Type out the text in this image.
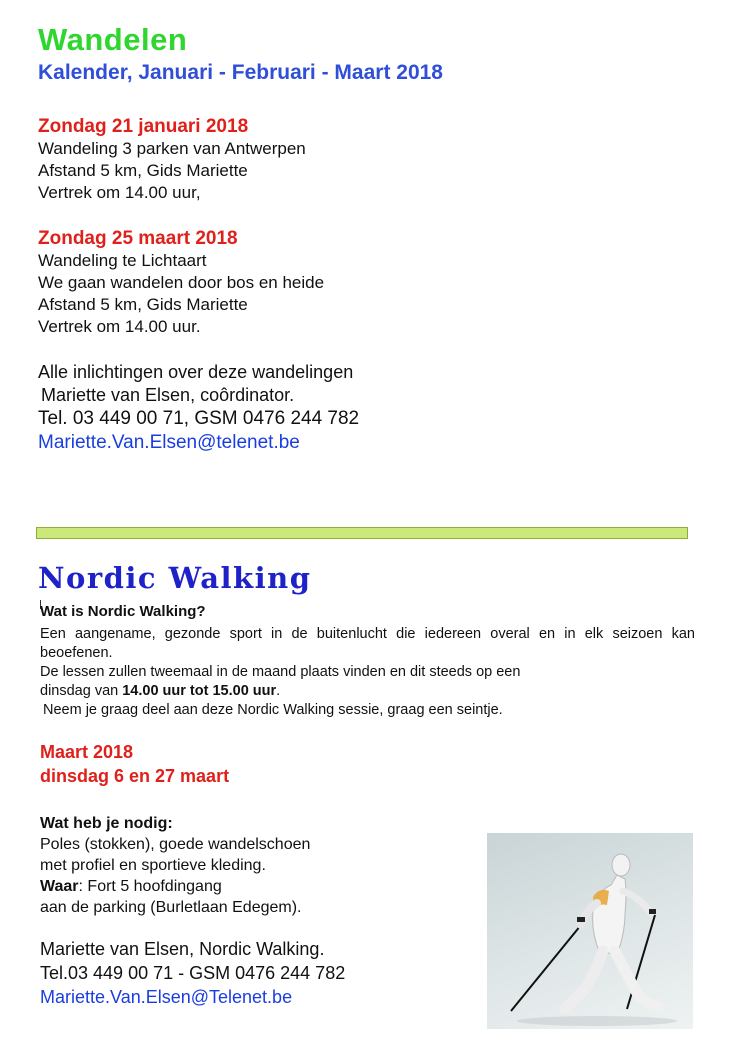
Wandelen
Kalender, Januari - Februari - Maart 2018
Zondag 21 januari 2018
Wandeling 3 parken van Antwerpen
Afstand 5 km, Gids Mariette
Vertrek om 14.00 uur,
Zondag 25 maart 2018
Wandeling te Lichtaart
We gaan wandelen door bos en heide
Afstand 5 km, Gids Mariette
Vertrek om 14.00 uur.
Alle inlichtingen over deze wandelingen
Mariette van Elsen, coôrdinator.
Tel. 03 449 00 71, GSM 0476 244 782
Mariette.Van.Elsen@telenet.be
Nordic Walking
Wat is Nordic Walking?
Een aangename, gezonde sport in de buitenlucht die iedereen overal en in elk seizoen kan
beoefenen.
De lessen zullen tweemaal in de maand plaats vinden en dit steeds op een
dinsdag van 14.00 uur tot 15.00 uur.
Neem je graag deel aan deze Nordic Walking sessie, graag een seintje.
Maart 2018
dinsdag 6 en 27 maart
Wat heb je nodig:
Poles (stokken), goede wandelschoen
met profiel en sportieve kleding.
Waar: Fort 5 hoofdingang
aan de parking (Burletlaan Edegem).
Mariette van Elsen, Nordic Walking.
Tel.03 449 00 71 - GSM 0476 244 782
Mariette.Van.Elsen@Telenet.be
